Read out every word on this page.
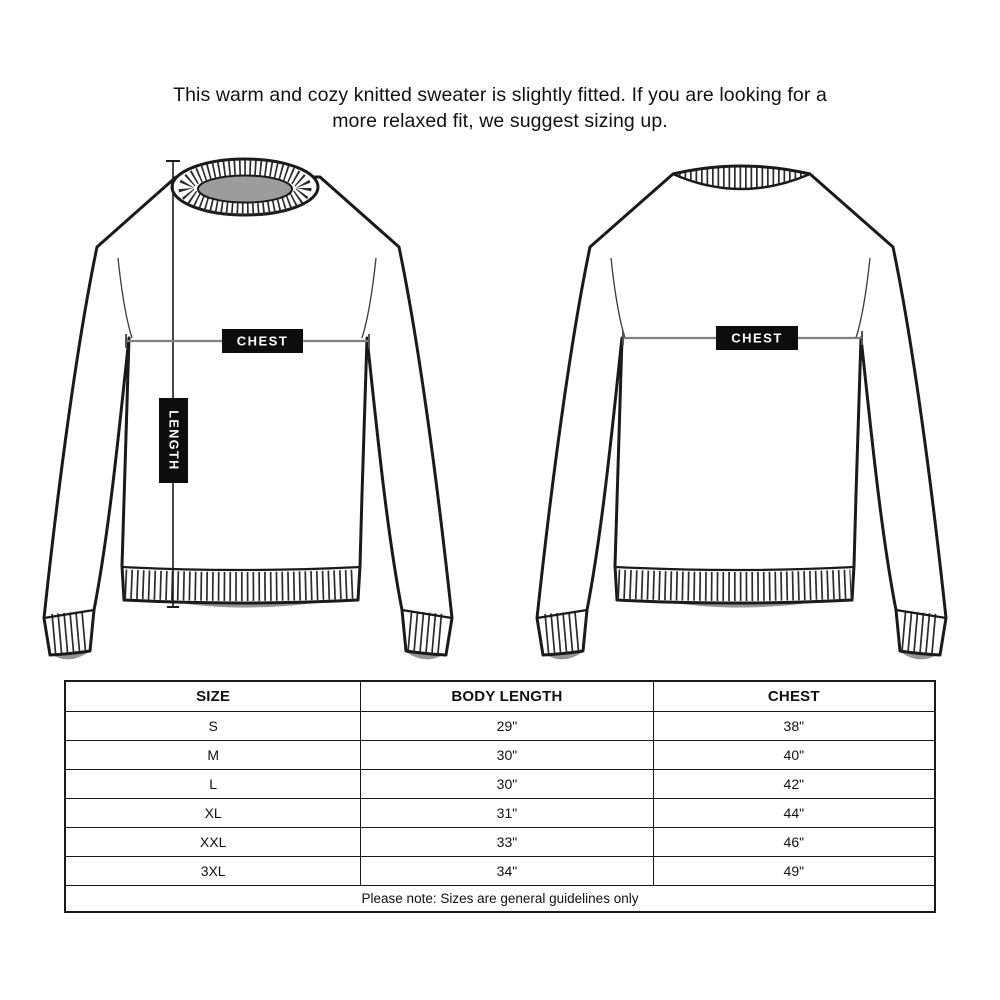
This warm and cozy knitted sweater is slightly fitted. If you are looking for a
more relaxed fit, we suggest sizing up.
CHEST
LENGTH
CHEST
SIZE	BODY LENGTH	CHEST
S	29"	38"
M	30"	40"
L	30"	42"
XL	31"	44"
XXL	33"	46"
3XL	34"	49"
Please note: Sizes are general guidelines only		
